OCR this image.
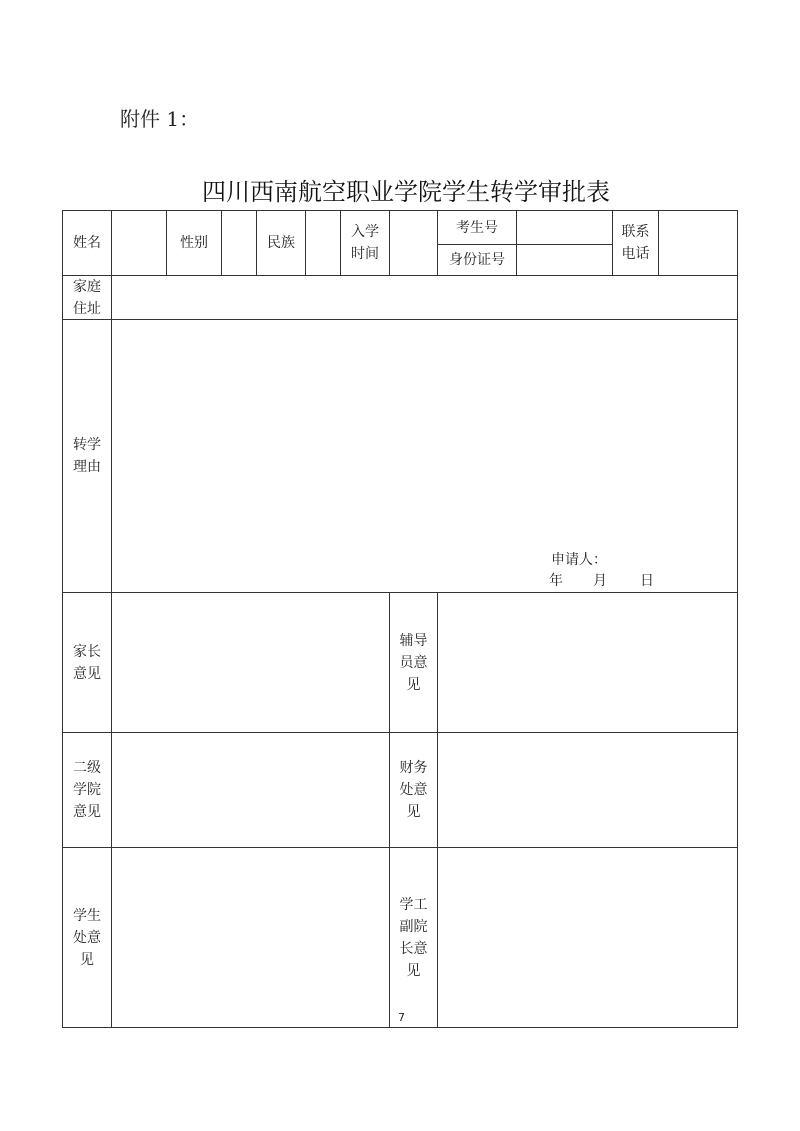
附件 1：
四川西南航空职业学院学生转学审批表
姓名	性别	民族
入学
时间
考生号
身份证号
联系
电话
家庭
住址
转学
理由
申请人：
年 月 日
家长
意见
辅导
员意
见
二级
学院
意见
财务
处意
见
学生
处意
见
学工
副院
长意
见
7
